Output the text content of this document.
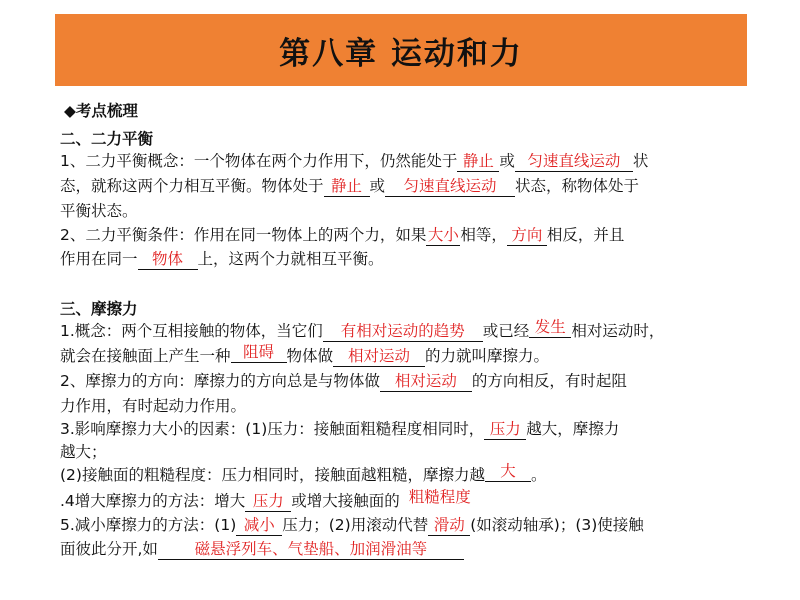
第八章 运动和力
◆考点梳理
二、二力平衡
1、二力平衡概念：一个物体在两个力作用下，仍然能处于 静止 或 匀速直线运动 状
态，就称这两个力相互平衡。物体处于 静止 或 匀速直线运动 状态，称物体处于
平衡状态。
2、二力平衡条件：作用在同一物体上的两个力，如果大小相等， 方向 相反，并且
作用在同一 物体 上，这两个力就相互平衡。
三、摩擦力
1.概念：两个互相接触的物体，当它们 有相对运动的趋势 或已经 发生 相对运动时，
就会在接触面上产生一种 阻碍 物体做 相对运动 的力就叫摩擦力。
2、摩擦力的方向：摩擦力的方向总是与物体做 相对运动 的方向相反，有时起阻
力作用，有时起动力作用。
3.影响摩擦力大小的因素：(1)压力：接触面粗糙程度相同时， 压力 越大，摩擦力
越大；
(2)接触面的粗糙程度：压力相同时，接触面越粗糙，摩擦力越 大 。
.4增大摩擦力的方法：增大 压力 或增大接触面的 粗糙程度
5.减小摩擦力的方法：(1) 减小 压力；(2)用滚动代替 滑动 (如滚动轴承)；(3)使接触
面彼此分开,如 磁悬浮列车、气垫船、加润滑油等
